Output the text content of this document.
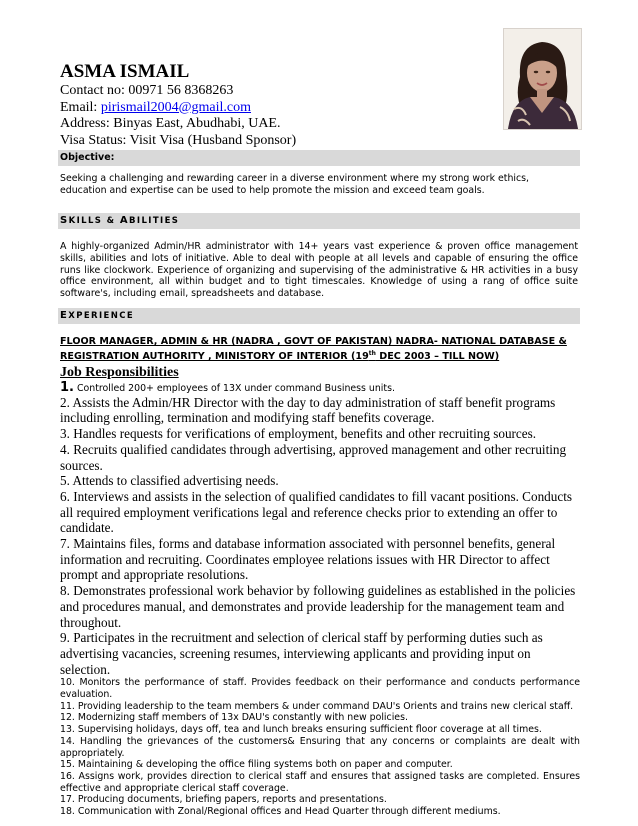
ASMA ISMAIL

Contact no: 00971 56 8368263

Email: pirismail2004@gmail.com

Address: Binyas East, Abudhabi, UAE.

Visa Status: Visit Visa (Husband Sponsor)

Objective:

Seeking a challenging and rewarding career in a diverse environment where my strong work ethics, education and expertise can be used to help promote the mission and exceed team goals.

SKILLS & ABILITIES

A highly-organized Admin/HR administrator with 14+ years vast experience & proven office management skills, abilities and lots of initiative. Able to deal with people at all levels and capable of ensuring the office runs like clockwork. Experience of organizing and supervising of the administrative & HR activities in a busy office environment, all within budget and to tight timescales. Knowledge of using a rang of office suite software's, including email, spreadsheets and database.

EXPERIENCE

FLOOR MANAGER, ADMIN & HR (NADRA , GOVT OF PAKISTAN) NADRA- NATIONAL DATABASE & REGISTRATION AUTHORITY , MINISTORY OF INTERIOR (19th DEC 2003 – TILL NOW)

Job Responsibilities

1. Controlled 200+ employees of 13X under command Business units.

2. Assists the Admin/HR Director with the day to day administration of staff benefit programs including enrolling, termination and modifying staff benefits coverage.

3. Handles requests for verifications of employment, benefits and other recruiting sources.

4. Recruits qualified candidates through advertising, approved management and other recruiting sources.

5. Attends to classified advertising needs.

6. Interviews and assists in the selection of qualified candidates to fill vacant positions. Conducts all required employment verifications legal and reference checks prior to extending an offer to candidate.

7. Maintains files, forms and database information associated with personnel benefits, general information and recruiting. Coordinates employee relations issues with HR Director to affect prompt and appropriate resolutions.

8. Demonstrates professional work behavior by following guidelines as established in the policies and procedures manual, and demonstrates and provide leadership for the management team and throughout.

9. Participates in the recruitment and selection of clerical staff by performing duties such as advertising vacancies, screening resumes, interviewing applicants and providing input on selection.

10. Monitors the performance of staff. Provides feedback on their performance and conducts performance evaluation.

11. Providing leadership to the team members & under command DAU's Orients and trains new clerical staff.

12. Modernizing staff members of 13x DAU's constantly with new policies.

13. Supervising holidays, days off, tea and lunch breaks ensuring sufficient floor coverage at all times.

14. Handling the grievances of the customers& Ensuring that any concerns or complaints are dealt with appropriately.

15. Maintaining & developing the office filing systems both on paper and computer.

16. Assigns work, provides direction to clerical staff and ensures that assigned tasks are completed. Ensures effective and appropriate clerical staff coverage.

17. Producing documents, briefing papers, reports and presentations.

18. Communication with Zonal/Regional offices and Head Quarter through different mediums.
